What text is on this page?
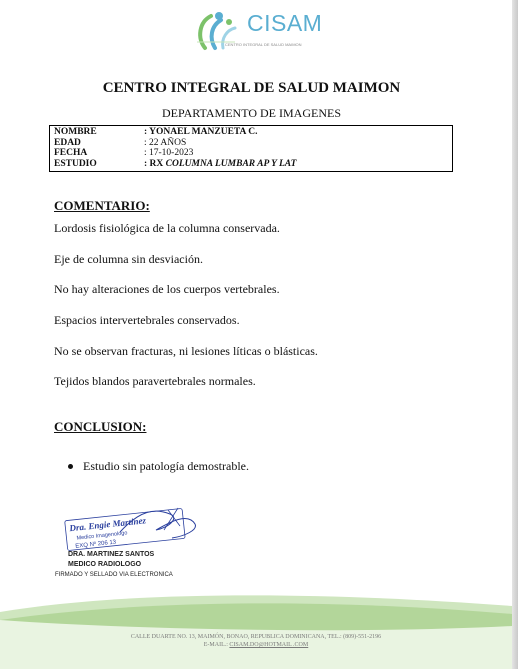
CISAM
CENTRO INTEGRAL DE SALUD MAIMON
CENTRO INTEGRAL DE SALUD MAIMON
DEPARTAMENTO DE IMAGENES
NOMBRE	: YONAEL MANZUETA C.
EDAD	: 22 AÑOS
FECHA	: 17-10-2023
ESTUDIO	: RX COLUMNA LUMBAR AP Y LAT
COMENTARIO:
Lordosis fisiológica de la columna conservada.
Eje de columna sin desviación.
No hay alteraciones de los cuerpos vertebrales.
Espacios intervertebrales conservados.
No se observan fracturas, ni lesiones líticas o blásticas.
Tejidos blandos paravertebrales normales.
CONCLUSION:
Estudio sin patología demostrable.
Dra. Engie Martinez
Medico Imagenologo
EXQ Nº 206 13
DRA. MARTINEZ SANTOS
MEDICO RADIOLOGO
FIRMADO Y SELLADO VIA ELECTRONICA
CALLE DUARTE NO. 13, MAIMÓN, BONAO, REPUBLICA DOMINICANA, TEL.: (809)-551-2196
E-MAIL.: CISAM.DO@HOTMAIL .COM
